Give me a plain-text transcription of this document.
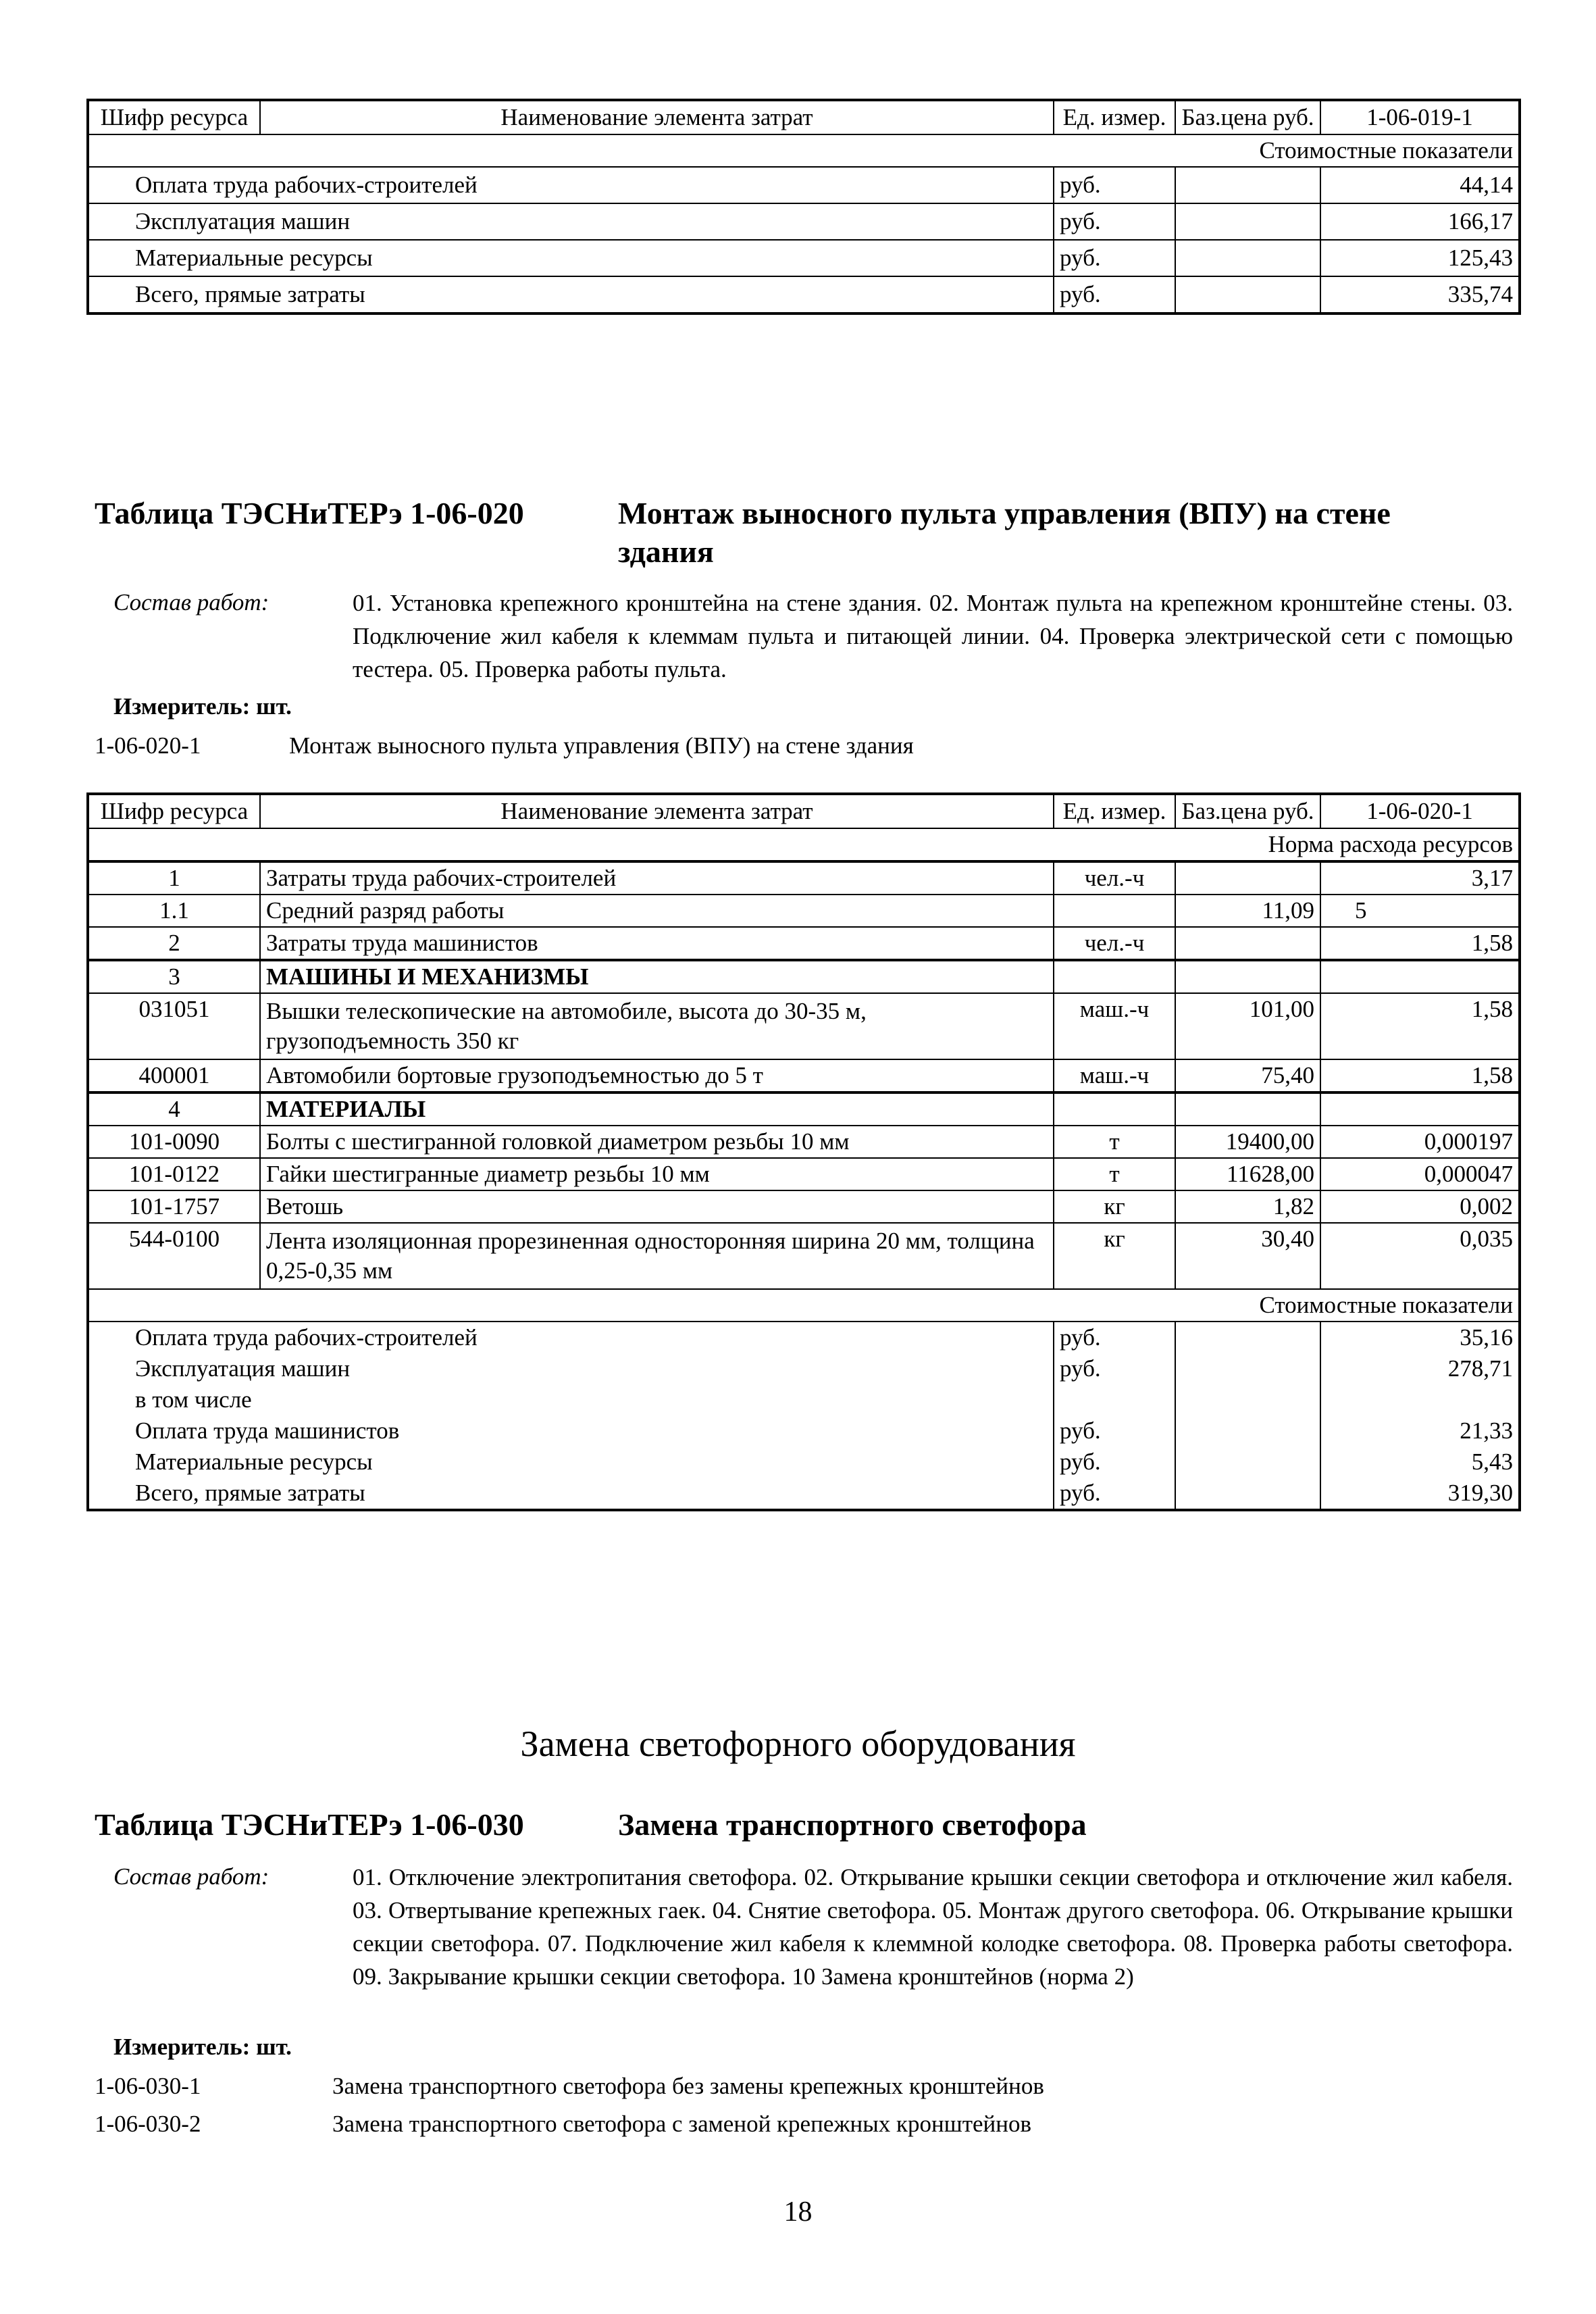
Шифр ресурса	Наименование элемента затрат	Ед. измер.	Баз.цена руб.	1-06-019-1
			Стоимостные показатели	
Оплата труда рабочих-строителей		руб.		44,14
Эксплуатация машин		руб.		166,17
Материальные ресурсы		руб.		125,43
Всего, прямые затраты		руб.		335,74
Таблица ТЭСНиТЕРэ 1-06-020	Монтаж выносного пульта управления (ВПУ) на стене
здания
Состав работ:	01. Установка крепежного кронштейна на стене здания. 02. Монтаж пульта на крепежном кронштейне стены. 03. Подключение жил кабеля к клеммам пульта и питающей линии. 04. Проверка электрической сети с помощью тестера. 05. Проверка работы пульта.
Измеритель: шт.
1-06-020-1	Монтаж выносного пульта управления (ВПУ) на стене здания
Шифр ресурса	Наименование элемента затрат	Ед. измер.	Баз.цена руб.	1-06-020-1
			Норма расхода ресурсов	
1	Затраты труда рабочих-строителей	чел.-ч		3,17
1.1	Средний разряд работы		11,09	5
2	Затраты труда машинистов	чел.-ч		1,58
3	МАШИНЫ И МЕХАНИЗМЫ			
031051	Вышки телескопические на автомобиле, высота до 30-35 м, грузоподъемность 350 кг	маш.-ч	101,00	1,58
400001	Автомобили бортовые грузоподъемностью до 5 т	маш.-ч	75,40	1,58
4	МАТЕРИАЛЫ			
101-0090	Болты с шестигранной головкой диаметром резьбы 10 мм	т	19400,00	0,000197
101-0122	Гайки шестигранные диаметр резьбы 10 мм	т	11628,00	0,000047
101-1757	Ветошь	кг	1,82	0,002
544-0100	Лента изоляционная прорезиненная односторонняя ширина 20 мм, толщина 0,25-0,35 мм	кг	30,40	0,035
			Стоимостные показатели	
Оплата труда рабочих-строителей		руб.		35,16
Эксплуатация машин		руб.		278,71
в том числе				
Оплата труда машинистов		руб.		21,33
Материальные ресурсы		руб.		5,43
Всего, прямые затраты		руб.		319,30
Замена светофорного оборудования
Таблица ТЭСНиТЕРэ 1-06-030	Замена транспортного светофора
Состав работ:	01. Отключение электропитания светофора. 02. Открывание крышки секции светофора и отключение жил кабеля. 03. Отвертывание крепежных гаек. 04. Снятие светофора. 05. Монтаж другого светофора. 06. Открывание крышки секции светофора. 07. Подключение жил кабеля к клеммной колодке светофора. 08. Проверка работы светофора. 09. Закрывание крышки секции светофора. 10 Замена кронштейнов (норма 2)
Измеритель: шт.
1-06-030-1	Замена транспортного светофора без замены крепежных кронштейнов
1-06-030-2	Замена транспортного светофора с заменой крепежных кронштейнов
18
